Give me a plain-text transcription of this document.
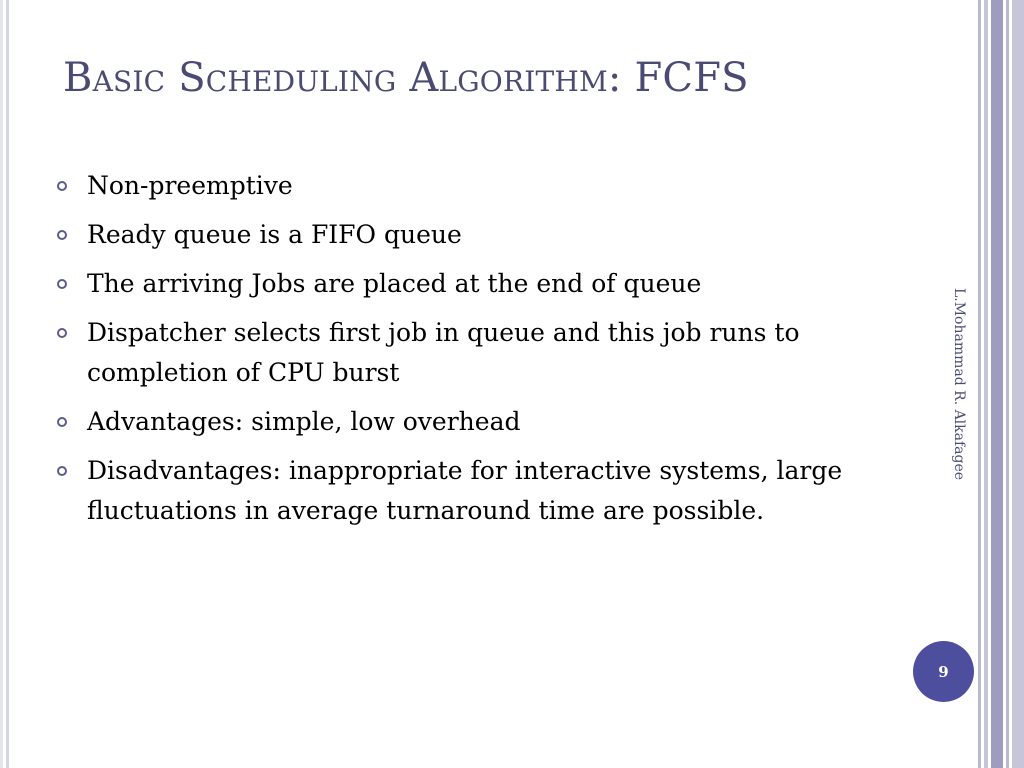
Basic Scheduling Algorithm: FCFS
Non-preemptive
Ready queue is a FIFO queue
The arriving Jobs are placed at the end of queue
Dispatcher selects first job in queue and this job runs to completion of CPU burst
Advantages: simple, low overhead
Disadvantages: inappropriate for interactive systems, large fluctuations in average turnaround time are possible.
L.Mohammad R. Alkafagee
9
